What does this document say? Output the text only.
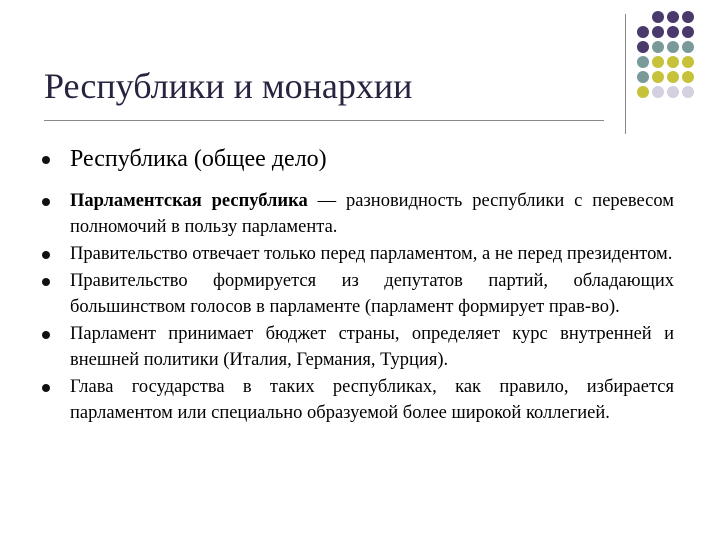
Республики и монархии
Республика (общее дело)
Парламентская республика — разновидность республики с перевесом полномочий в пользу парламента.
Правительство отвечает только перед парламентом, а не перед президентом.
Правительство формируется из депутатов партий, обладающих большинством голосов в парламенте (парламент формирует прав-во).
Парламент принимает бюджет страны, определяет курс внутренней и внешней политики (Италия, Германия, Турция).
Глава государства в таких республиках, как правило, избирается парламентом или специально образуемой более широкой коллегией.
